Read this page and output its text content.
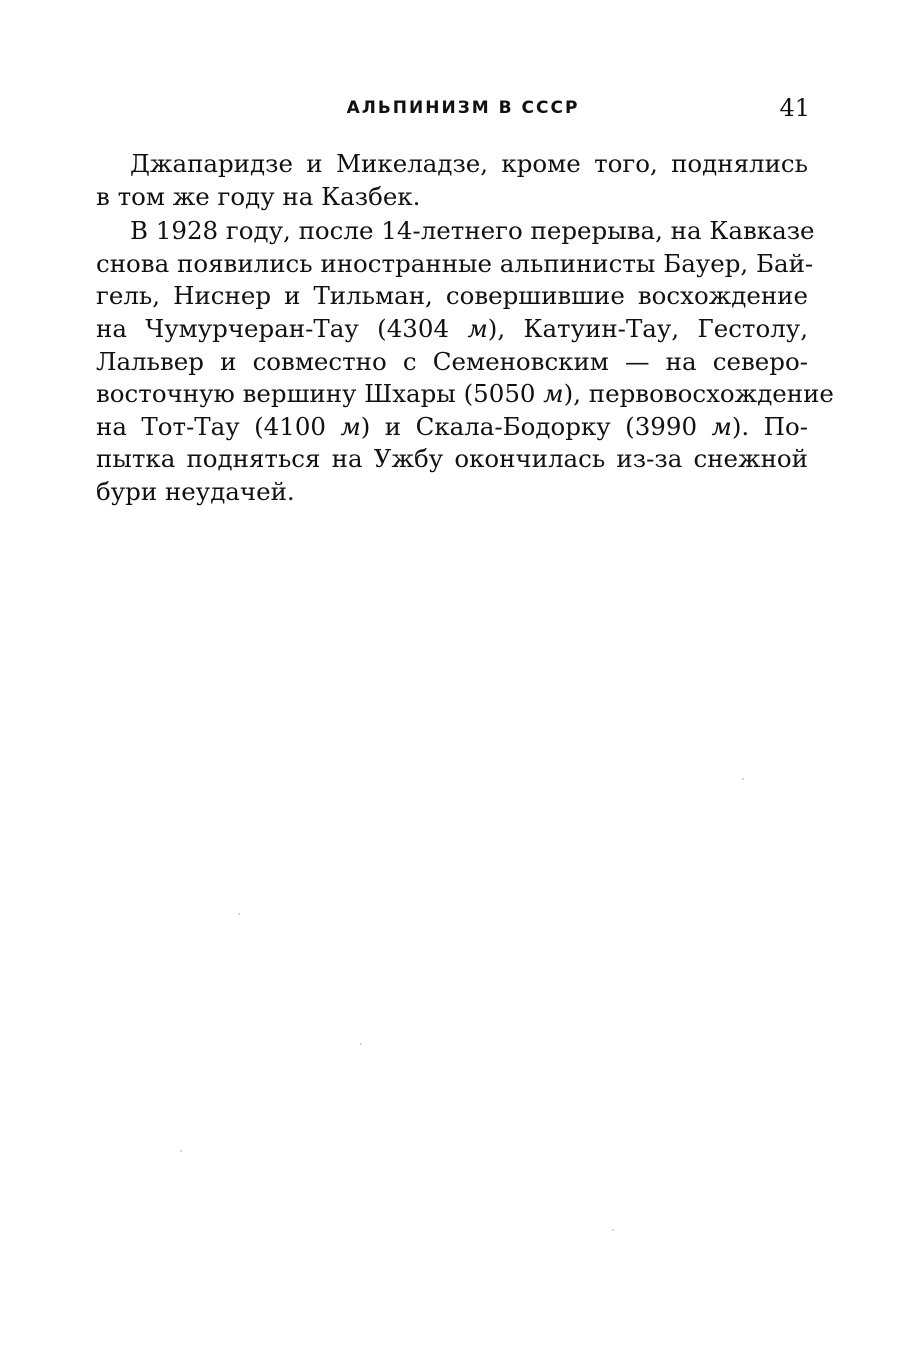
АЛЬПИНИЗМ В СССР	41

Джапаридзе и Микеладзе, кроме того, поднялись
в том же году на Казбек.

В 1928 году, после 14-летнего перерыва, на Кавказе
снова появились иностранные альпинисты Бауер, Бай-
гель, Ниснер и Тильман, совершившие восхождение
на Чумурчеран-Тау (4304 м), Катуин-Тау, Гестолу,
Лальвер и совместно с Семеновским — на северо-
восточную вершину Шхары (5050 м), первовосхождение
на Тот-Тау (4100 м) и Скала-Бодорку (3990 м). По-
пытка подняться на Ужбу окончилась из-за снежной
бури неудачей.
